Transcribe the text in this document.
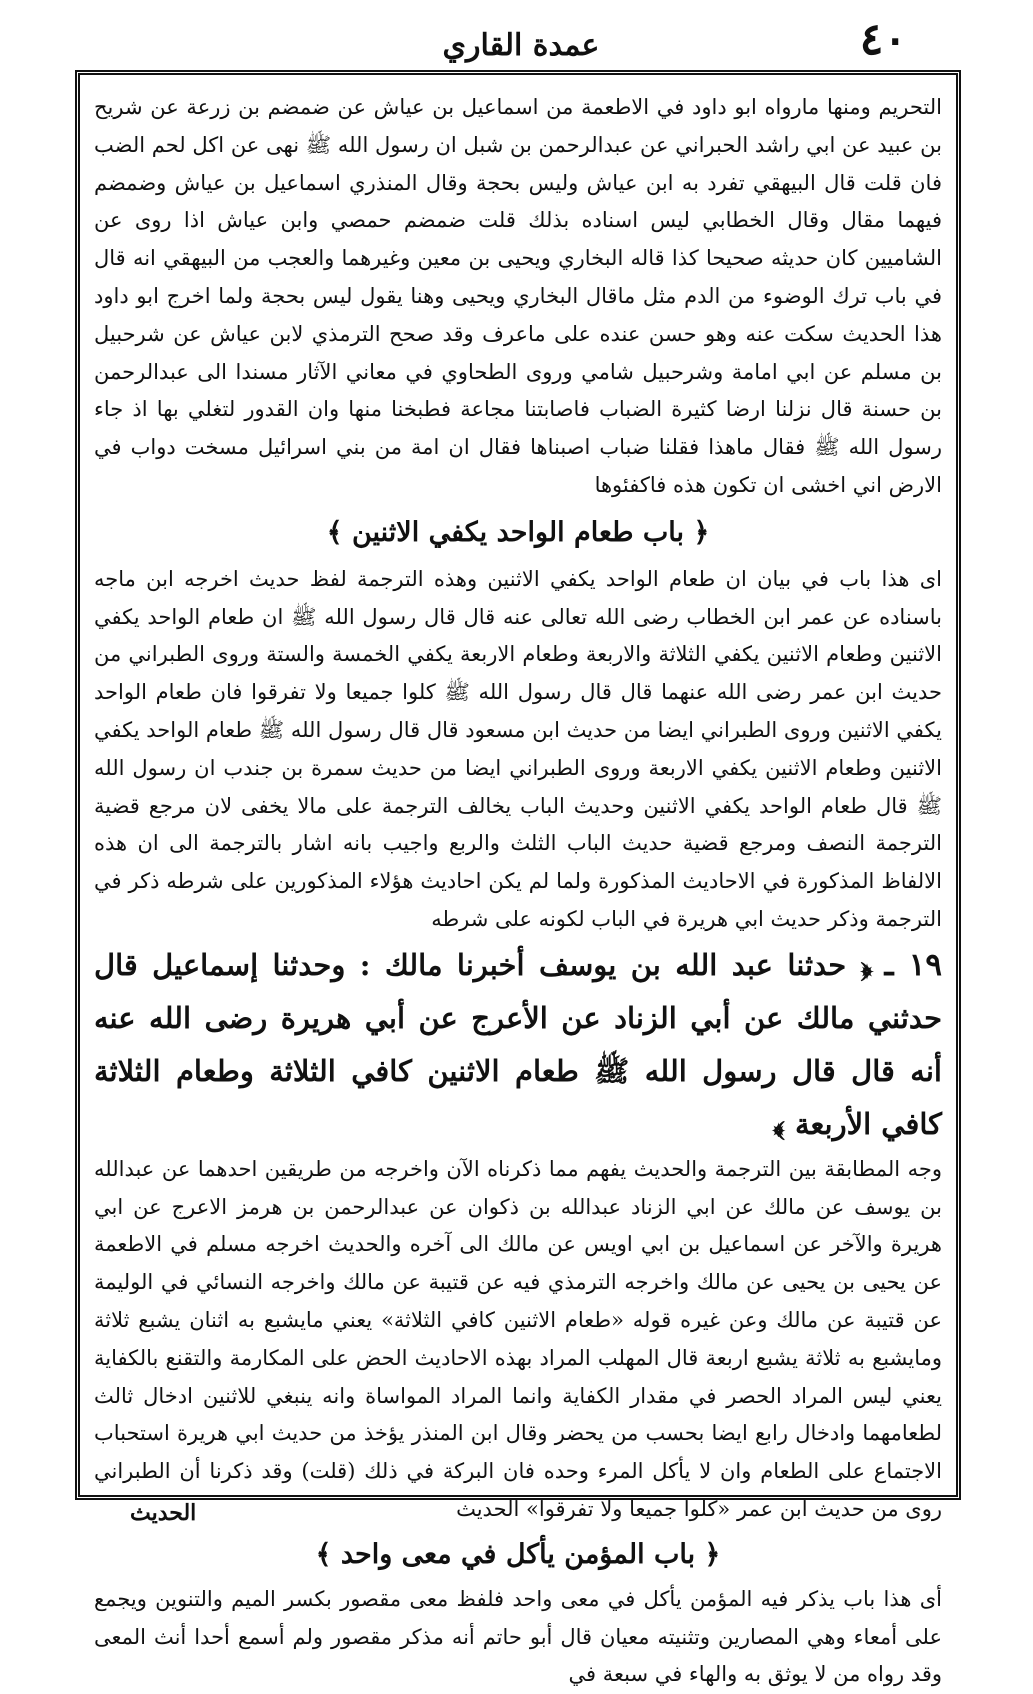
عمدة القاري	٤٠

التحريم ومنها مارواه ابو داود في الاطعمة من اسماعيل بن عياش عن ضمضم بن زرعة عن شريح بن عبيد عن ابي راشد الحبراني عن عبدالرحمن بن شبل ان رسول الله ﷺ نهى عن اكل لحم الضب فان قلت قال البيهقي تفرد به ابن عياش وليس بحجة وقال المنذري اسماعيل بن عياش وضمضم فيهما مقال وقال الخطابي ليس اسناده بذلك قلت ضمضم حمصي وابن عياش اذا روى عن الشاميين كان حديثه صحيحا كذا قاله البخاري ويحيى بن معين وغيرهما والعجب من البيهقي انه قال في باب ترك الوضوء من الدم مثل ماقال البخاري ويحيى وهنا يقول ليس بحجة ولما اخرج ابو داود هذا الحديث سكت عنه وهو حسن عنده على ماعرف وقد صحح الترمذي لابن عياش عن شرحبيل بن مسلم عن ابي امامة وشرحبيل شامي وروى الطحاوي في معاني الآثار مسندا الى عبدالرحمن بن حسنة قال نزلنا ارضا كثيرة الضباب فاصابتنا مجاعة فطبخنا منها وان القدور لتغلي بها اذ جاء رسول الله ﷺ فقال ماهذا فقلنا ضباب اصبناها فقال ان امة من بني اسرائيل مسخت دواب في الارض اني اخشى ان تكون هذه فاكفئوها

﴿ باب طعام الواحد يكفي الاثنين ﴾

اى هذا باب في بيان ان طعام الواحد يكفي الاثنين وهذه الترجمة لفظ حديث اخرجه ابن ماجه باسناده عن عمر ابن الخطاب رضى الله تعالى عنه قال قال رسول الله ﷺ ان طعام الواحد يكفي الاثنين وطعام الاثنين يكفي الثلاثة والاربعة وطعام الاربعة يكفي الخمسة والستة وروى الطبراني من حديث ابن عمر رضى الله عنهما قال قال رسول الله ﷺ كلوا جميعا ولا تفرقوا فان طعام الواحد يكفي الاثنين وروى الطبراني ايضا من حديث ابن مسعود قال قال رسول الله ﷺ طعام الواحد يكفي الاثنين وطعام الاثنين يكفي الاربعة وروى الطبراني ايضا من حديث سمرة بن جندب ان رسول الله ﷺ قال طعام الواحد يكفي الاثنين وحديث الباب يخالف الترجمة على مالا يخفى لان مرجع قضية الترجمة النصف ومرجع قضية حديث الباب الثلث والربع واجيب بانه اشار بالترجمة الى ان هذه الالفاظ المذكورة في الاحاديث المذكورة ولما لم يكن احاديث هؤلاء المذكورين على شرطه ذكر في الترجمة وذكر حديث ابي هريرة في الباب لكونه على شرطه

١٩ ـ﴿ حدثنا عبد الله بن يوسف أخبرنا مالك : وحدثنا إسماعيل قال حدثني مالك عن أبي الزناد عن الأعرج عن أبي هريرة رضى الله عنه أنه قال قال رسول الله ﷺ طعام الاثنين كافي الثلاثة وطعام الثلاثة كافي الأربعة ﴾

وجه المطابقة بين الترجمة والحديث يفهم مما ذكرناه الآن واخرجه من طريقين احدهما عن عبدالله بن يوسف عن مالك عن ابي الزناد عبدالله بن ذكوان عن عبدالرحمن بن هرمز الاعرج عن ابي هريرة والآخر عن اسماعيل بن ابي اويس عن مالك الى آخره والحديث اخرجه مسلم في الاطعمة عن يحيى بن يحيى عن مالك واخرجه الترمذي فيه عن قتيبة عن مالك واخرجه النسائي في الوليمة عن قتيبة عن مالك وعن غيره قوله «طعام الاثنين كافي الثلاثة» يعني مايشبع به اثنان يشبع ثلاثة ومايشبع به ثلاثة يشبع اربعة قال المهلب المراد بهذه الاحاديث الحض على المكارمة والتقنع بالكفاية يعني ليس المراد الحصر في مقدار الكفاية وانما المراد المواساة وانه ينبغي للاثنين ادخال ثالث لطعامهما وادخال رابع ايضا بحسب من يحضر وقال ابن المنذر يؤخذ من حديث ابي هريرة استحباب الاجتماع على الطعام وان لا يأكل المرء وحده فان البركة في ذلك (قلت) وقد ذكرنا أن الطبراني روى من حديث ابن عمر «كلوا جميعا ولا تفرقوا» الحديث

﴿ باب المؤمن يأكل في معى واحد ﴾

أى هذا باب يذكر فيه المؤمن يأكل في معى واحد فلفظ معى مقصور بكسر الميم والتنوين ويجمع على أمعاء وهي المصارين وتثنيته معيان قال أبو حاتم أنه مذكر مقصور ولم أسمع أحدا أنث المعى وقد رواه من لا يوثق به والهاء في سبعة في

الحديث
